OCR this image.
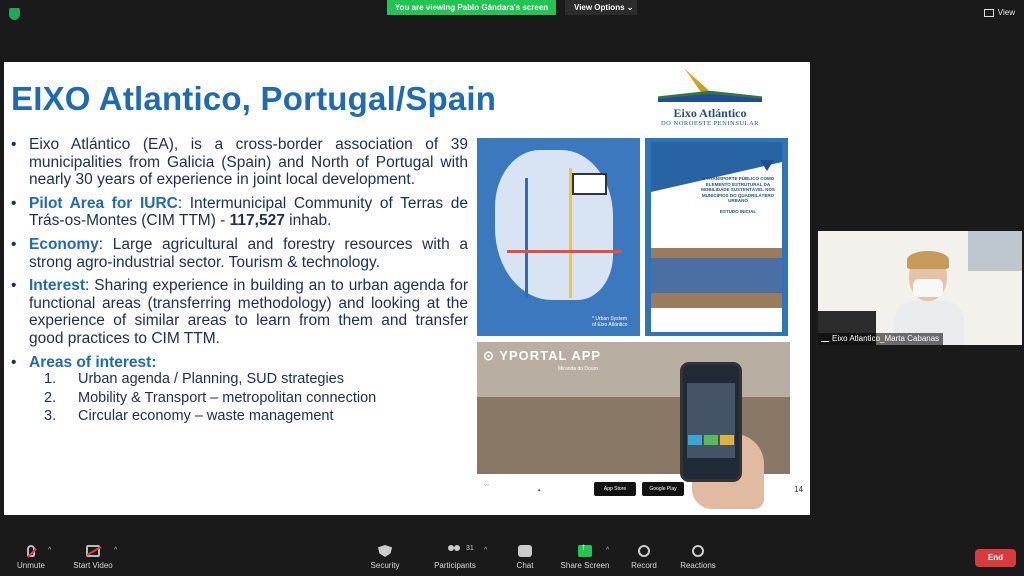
You are viewing Pablo Gándara's screen	View Options ⌄
View
EIXO Atlantico, Portugal/Spain	Eixo Atlántico
DO NOROESTE PENINSULAR
• Eixo Atlántico (EA), is a cross-border association of 39 municipalities from Galicia (Spain) and North of Portugal with nearly 30 years of experience in joint local development.
• Pilot Area for IURC: Intermunicipal Community of Terras de Trás-os-Montes (CIM TTM) - 117,527 inhab.
• Economy: Large agricultural and forestry resources with a strong agro-industrial sector. Tourism & technology.
• Interest: Sharing experience in building an to urban agenda for functional areas (transferring methodology) and looking at the experience of similar areas to learn from them and transfer good practices to CIM TTM.
• Areas of interest:
1.	Urban agenda / Planning, SUD strategies
2.	Mobility & Transport – metropolitan connection
3.	Circular economy – waste management
* Urban System of Eixo Atlántico
O TRANSPORTE PÚBLICO COMO ELEMENTO ESTRUTURAL DA MOBILIDADE SUSTENTÁVEL NOS MUNICÍPIOS DO QUADRILÁTERO URBANO

ESTUDO INICIAL
⊙ YPORTAL APP
Miranda do Douro
〰
✦	App Store	Google Play	14
Eixo Atlantico_Marta Cabanas
Unmute
^
Start Video
^
Security	Participants
31 ^
Chat
↑	Share Screen
^
Record	Reactions
End
